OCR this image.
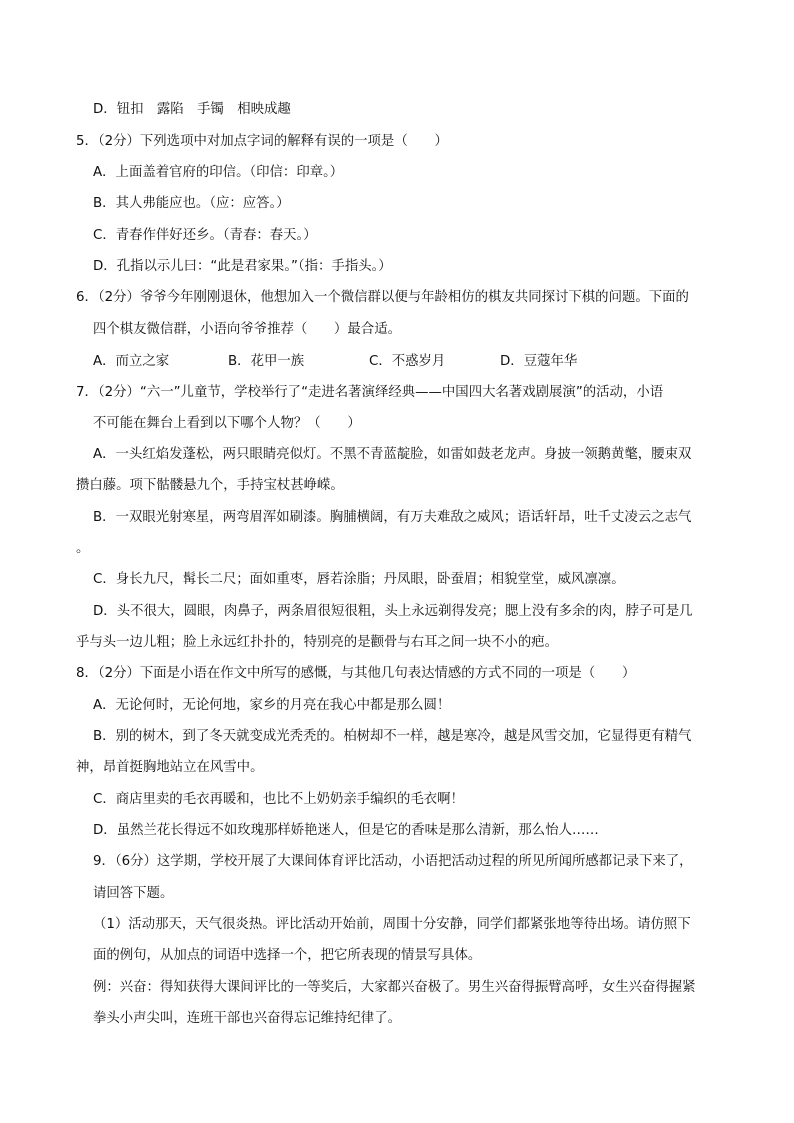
D．钮扣　露陷　手镯　相映成趣

5．（2分）下列选项中对加点字词的解释有误的一项是（　　）

A．上面盖着官府的印信。（印信：印章。）

B．其人弗能应也。（应：应答。）

C．青春作伴好还乡。（青春：春天。）

D．孔指以示儿曰：“此是君家果。”（指：手指头。）

6．（2分）爷爷今年刚刚退休，他想加入一个微信群以便与年龄相仿的棋友共同探讨下棋的问题。下面的

四个棋友微信群，小语向爷爷推荐（　　）最合适。

A．而立之家	B．花甲一族	C．不惑岁月	D．豆蔻年华

7．（2分）“六一”儿童节，学校举行了“走进名著演绎经典——中国四大名著戏剧展演”的活动，小语

不可能在舞台上看到以下哪个人物？（　　）

A．一头红焰发蓬松，两只眼睛亮似灯。不黑不青蓝靛脸，如雷如鼓老龙声。身披一领鹅黄氅，腰束双

攒白藤。项下骷髅悬九个，手持宝杖甚峥嵘。

B．一双眼光射寒星，两弯眉浑如刷漆。胸脯横阔，有万夫难敌之威风；语话轩昂，吐千丈凌云之志气

。

C．身长九尺，髯长二尺；面如重枣，唇若涂脂；丹凤眼，卧蚕眉；相貌堂堂，威风凛凛。

D．头不很大，圆眼，肉鼻子，两条眉很短很粗，头上永远剃得发亮；腮上没有多余的肉，脖子可是几

乎与头一边儿粗；脸上永远红扑扑的，特别亮的是颧骨与右耳之间一块不小的疤。

8．（2分）下面是小语在作文中所写的感慨，与其他几句表达情感的方式不同的一项是（　　）

A．无论何时，无论何地，家乡的月亮在我心中都是那么圆！

B．别的树木，到了冬天就变成光秃秃的。柏树却不一样，越是寒冷，越是风雪交加，它显得更有精气

神，昂首挺胸地站立在风雪中。

C．商店里卖的毛衣再暖和，也比不上奶奶亲手编织的毛衣啊！

D．虽然兰花长得远不如玫瑰那样娇艳迷人，但是它的香味是那么清新，那么怡人……

9．（6分）这学期，学校开展了大课间体育评比活动，小语把活动过程的所见所闻所感都记录下来了，

请回答下题。

（1）活动那天，天气很炎热。评比活动开始前，周围十分安静，同学们都紧张地等待出场。请仿照下

面的例句，从加点的词语中选择一个，把它所表现的情景写具体。

例：兴奋：得知获得大课间评比的一等奖后，大家都兴奋极了。男生兴奋得振臂高呼，女生兴奋得握紧

拳头小声尖叫，连班干部也兴奋得忘记维持纪律了。
